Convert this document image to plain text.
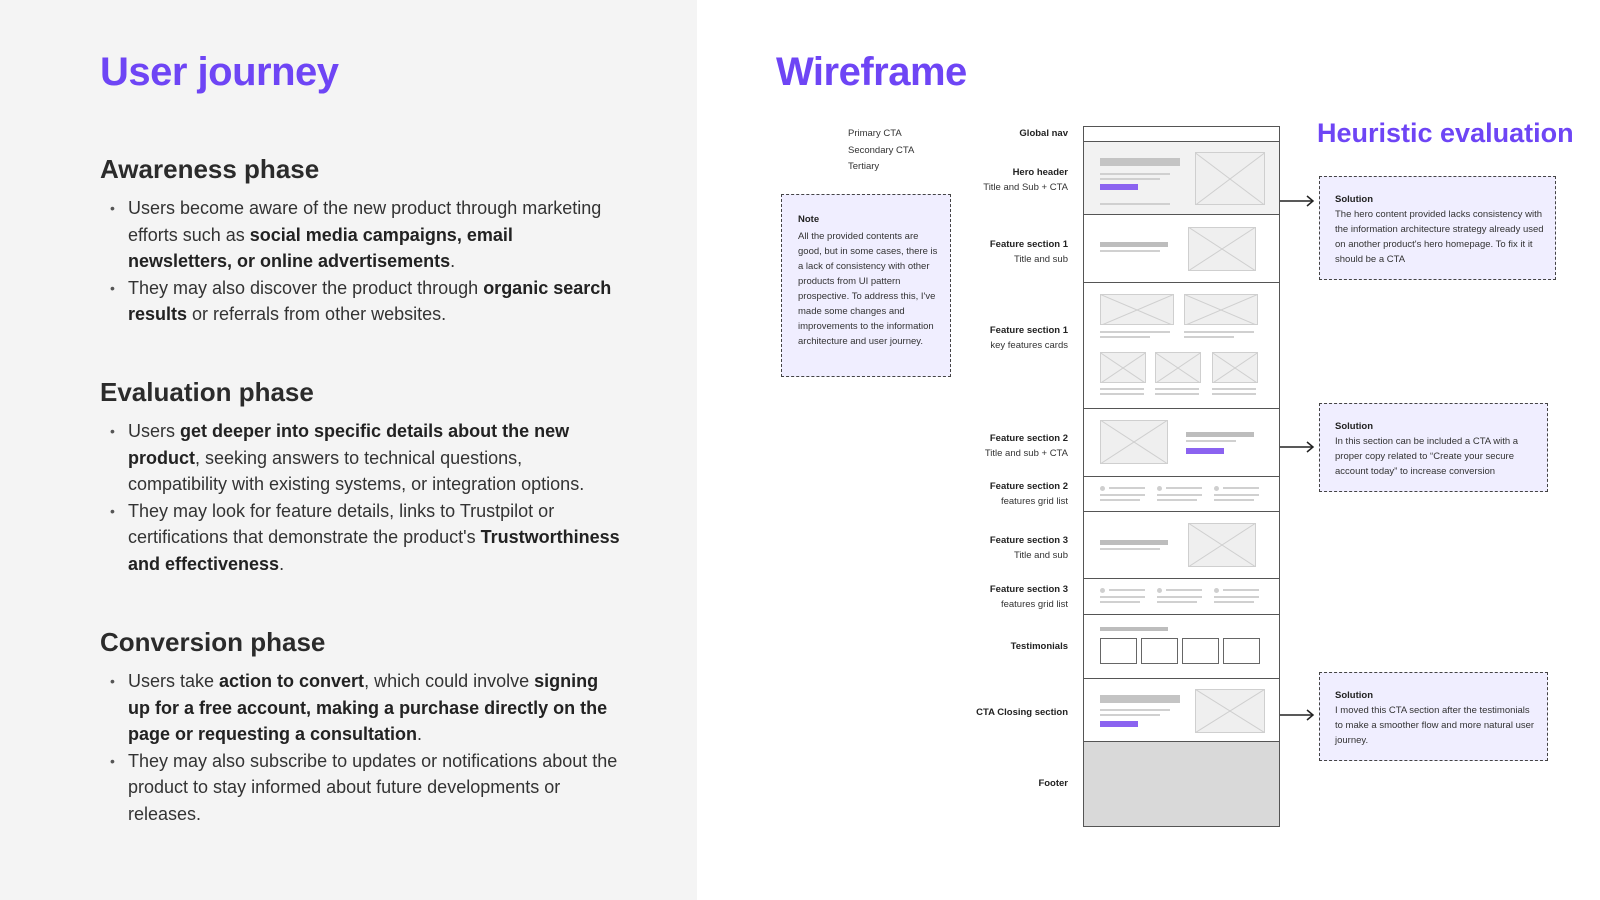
User journey
Awareness phase
• Users become aware of the new product through marketing efforts such as social media campaigns, email newsletters, or online advertisements.
• They may also discover the product through organic search results or referrals from other websites.
Evaluation phase
• Users get deeper into specific details about the new product, seeking answers to technical questions, compatibility with existing systems, or integration options.
• They may look for feature details, links to Trustpilot or certifications that demonstrate the product's Trustworthiness and effectiveness.
Conversion phase
• Users take action to convert, which could involve signing up for a free account, making a purchase directly on the page or requesting a consultation.
• They may also subscribe to updates or notifications about the product to stay informed about future developments or releases.
Wireframe
Primary CTA
Secondary CTA
Tertiary
Note
All the provided contents are good, but in some cases, there is a lack of consistency with other products from UI pattern prospective. To address this, I've made some changes and improvements to the information architecture and user journey.
Global nav
Hero header
Title and Sub + CTA
Feature section 1
Title and sub
Feature section 1
key features cards
Feature section 2
Title and sub + CTA
Feature section 2
features grid list
Feature section 3
Title and sub
Feature section 3
features grid list
Testimonials
CTA Closing section
Footer
Heuristic evaluation
Solution
The hero content provided lacks consistency with the information architecture strategy already used on another product's hero homepage. To fix it it should be a CTA
Solution
In this section can be included a CTA with a proper copy related to “Create your secure account today” to increase conversion
Solution
I moved this CTA section after the testimonials to make a smoother flow and more natural user journey.
